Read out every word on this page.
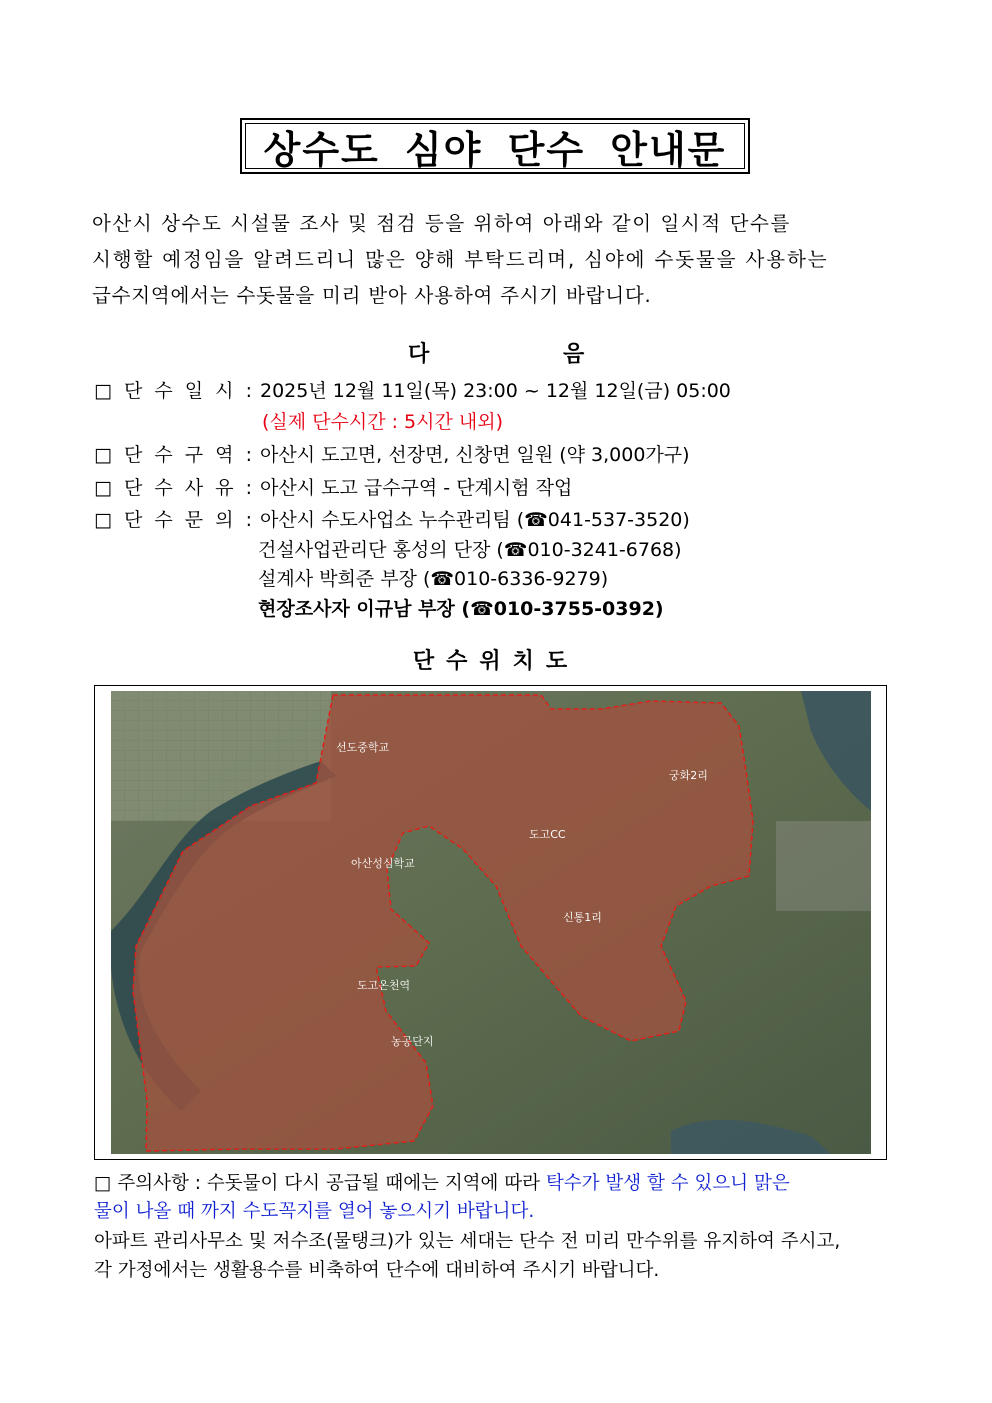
상수도 심야 단수 안내문
아산시 상수도 시설물 조사 및 점검 등을 위하여 아래와 같이 일시적 단수를
시행할 예정임을 알려드리니 많은 양해 부탁드리며, 심야에 수돗물을 사용하는
급수지역에서는 수돗물을 미리 받아 사용하여 주시기 바랍니다.
다	음
□ 단 수 일 시 : 2025년 12월 11일(목) 23:00 ~ 12월 12일(금) 05:00
(실제 단수시간 : 5시간 내외)
□ 단 수 구 역 : 아산시 도고면, 선장면, 신창면 일원 (약 3,000가구)
□ 단 수 사 유 : 아산시 도고 급수구역 - 단계시험 작업
□ 단 수 문 의 : 아산시 수도사업소 누수관리팀 (☎041-537-3520)
건설사업관리단 홍성의 단장 (☎010-3241-6768)
설계사 박희준 부장 (☎010-6336-9279)
현장조사자 이규남 부장 (☎010-3755-0392)
단수위치도
선도중학교
궁화2리
도고CC
아산성심학교
신통1리
도고온천역
농공단지
□ 주의사항 : 수돗물이 다시 공급될 때에는 지역에 따라 탁수가 발생 할 수 있으니 맑은
물이 나올 때 까지 수도꼭지를 열어 놓으시기 바랍니다.
아파트 관리사무소 및 저수조(물탱크)가 있는 세대는 단수 전 미리 만수위를 유지하여 주시고,
각 가정에서는 생활용수를 비축하여 단수에 대비하여 주시기 바랍니다.
